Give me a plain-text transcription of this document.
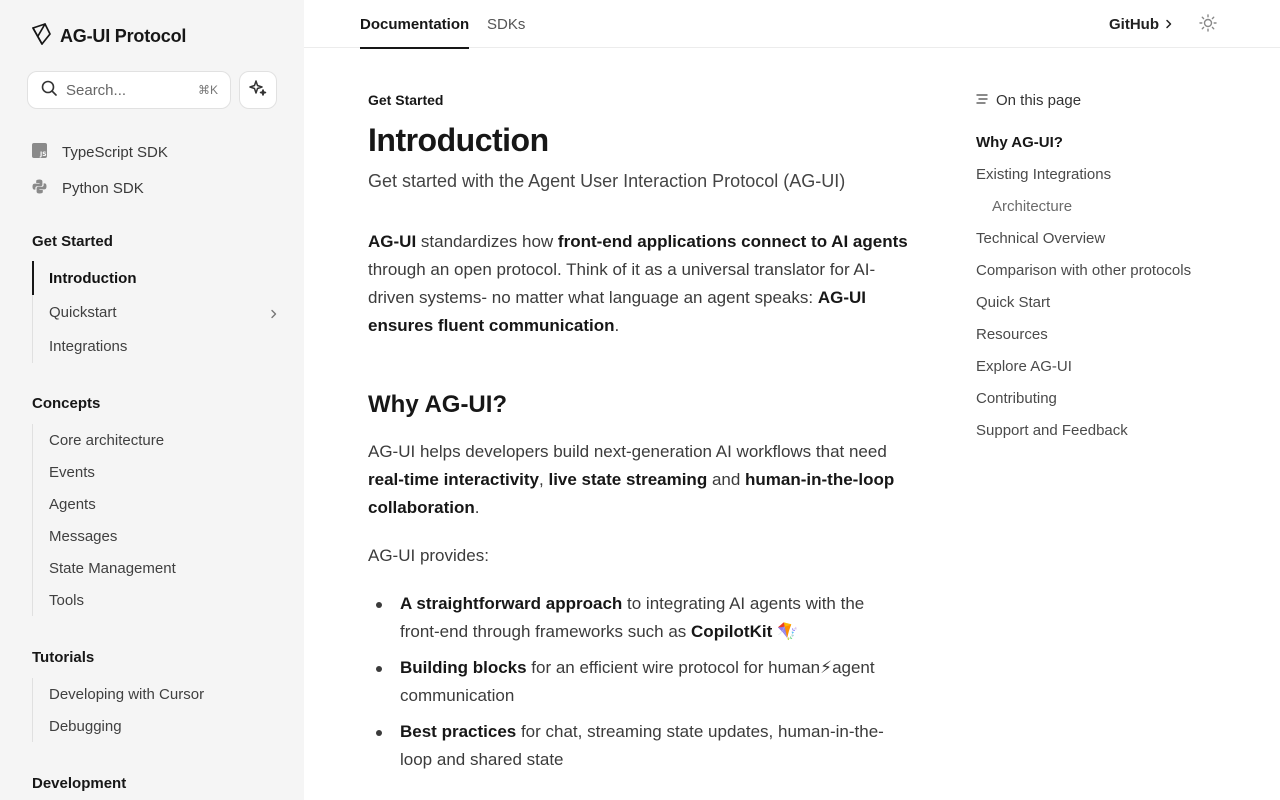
AG-UI Protocol
Search...
⌘K
JS TypeScript SDK
Python SDK
Get Started
Introduction
Quickstart
Integrations
Concepts
Core architecture
Events
Agents
Messages
State Management
Tools
Tutorials
Developing with Cursor
Debugging
Development
Documentation SDKs	GitHub
Get Started
Introduction
Get started with the Agent User Interaction Protocol (AG-UI)

AG-UI standardizes how front-end applications connect to AI agents through an open protocol. Think of it as a universal translator for AI-driven systems- no matter what language an agent speaks: AG-UI ensures fluent communication.

Why AG-UI?

AG-UI helps developers build next-generation AI workflows that need real-time interactivity, live state streaming and human-in-the-loop collaboration.

AG-UI provides:

A straightforward approach to integrating AI agents with the front-end through frameworks such as CopilotKit 🪁
Building blocks for an efficient wire protocol for human⚡agent communication
Best practices for chat, streaming state updates, human-in-the-loop and shared state
On this page
Why AG-UI?
Existing Integrations
Architecture
Technical Overview
Comparison with other protocols
Quick Start
Resources
Explore AG-UI
Contributing
Support and Feedback
